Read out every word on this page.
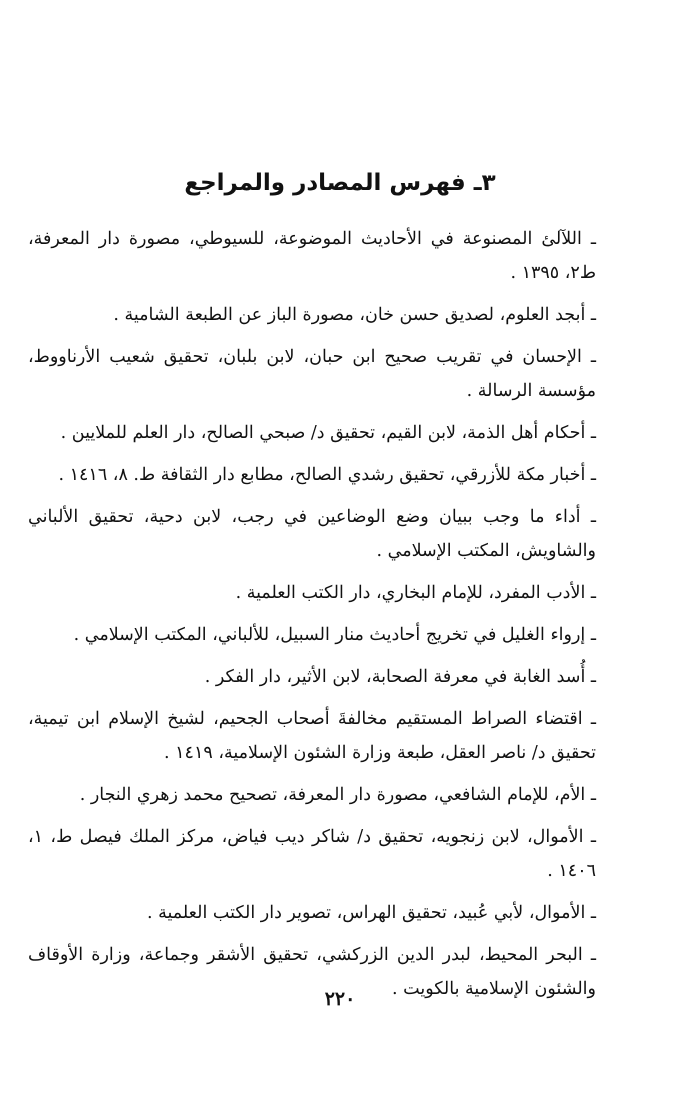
٣ـ فهرس المصادر والمراجع
ـ اللآلئ المصنوعة في الأحاديث الموضوعة، للسيوطي، مصورة دار المعرفة، ط٢، ١٣٩٥ .
ـ أبجد العلوم، لصديق حسن خان، مصورة الباز عن الطبعة الشامية .
ـ الإحسان في تقريب صحيح ابن حبان، لابن بلبان، تحقيق شعيب الأرناووط، مؤسسة الرسالة .
ـ أحكام أهل الذمة، لابن القيم، تحقيق د/ صبحي الصالح، دار العلم للملايين .
ـ أخبار مكة للأزرقي، تحقيق رشدي الصالح، مطابع دار الثقافة ط. ٨، ١٤١٦ .
ـ أداء ما وجب ببيان وضع الوضاعين في رجب، لابن دحية، تحقيق الألباني والشاويش، المكتب الإسلامي .
ـ الأدب المفرد، للإمام البخاري، دار الكتب العلمية .
ـ إرواء الغليل في تخريج أحاديث منار السبيل، للألباني، المكتب الإسلامي .
ـ أُسد الغابة في معرفة الصحابة، لابن الأثير، دار الفكر .
ـ اقتضاء الصراط المستقيم مخالفةَ أصحاب الجحيم، لشيخ الإسلام ابن تيمية، تحقيق د/ ناصر العقل، طبعة وزارة الشئون الإسلامية، ١٤١٩ .
ـ الأم، للإمام الشافعي، مصورة دار المعرفة، تصحيح محمد زهري النجار .
ـ الأموال، لابن زنجويه، تحقيق د/ شاكر ديب فياض، مركز الملك فيصل ط، ١، ١٤٠٦ .
ـ الأموال، لأبي عُبيد، تحقيق الهراس، تصوير دار الكتب العلمية .
ـ البحر المحيط، لبدر الدين الزركشي، تحقيق الأشقر وجماعة، وزارة الأوقاف والشئون الإسلامية بالكويت .
٢٢٠
